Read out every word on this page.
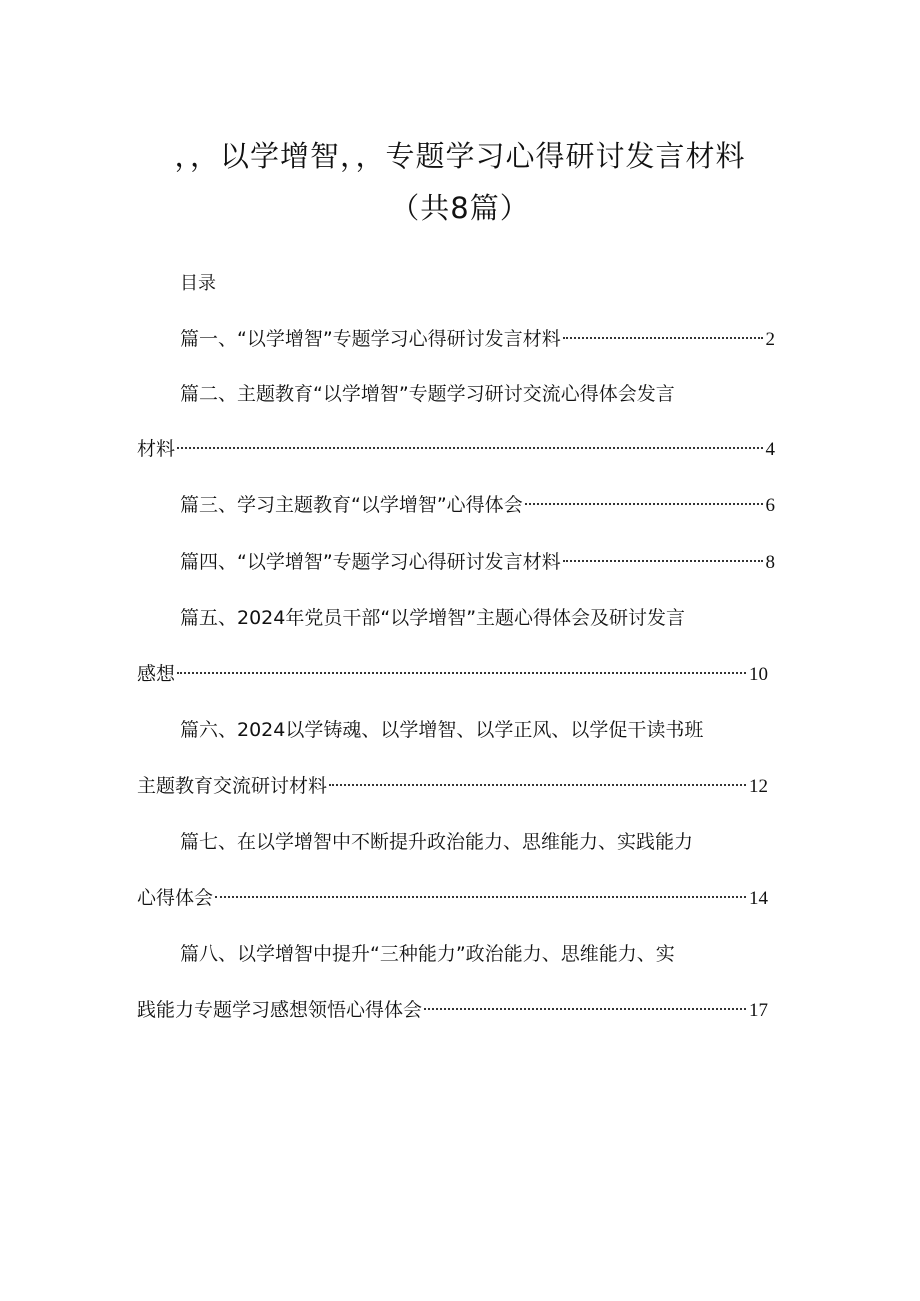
，，以学增智，，专题学习心得研讨发言材料
（共8篇）
目录
篇一、“以学增智”专题学习心得研讨发言材料	2
篇二、主题教育“以学增智”专题学习研讨交流心得体会发言
材料	4
篇三、学习主题教育“以学增智”心得体会	6
篇四、“以学增智”专题学习心得研讨发言材料	8
篇五、2024年党员干部“以学增智”主题心得体会及研讨发言
感想	10
篇六、2024以学铸魂、以学增智、以学正风、以学促干读书班
主题教育交流研讨材料	12
篇七、在以学增智中不断提升政治能力、思维能力、实践能力
心得体会	14
篇八、以学增智中提升“三种能力”政治能力、思维能力、实
践能力专题学习感想领悟心得体会	17
